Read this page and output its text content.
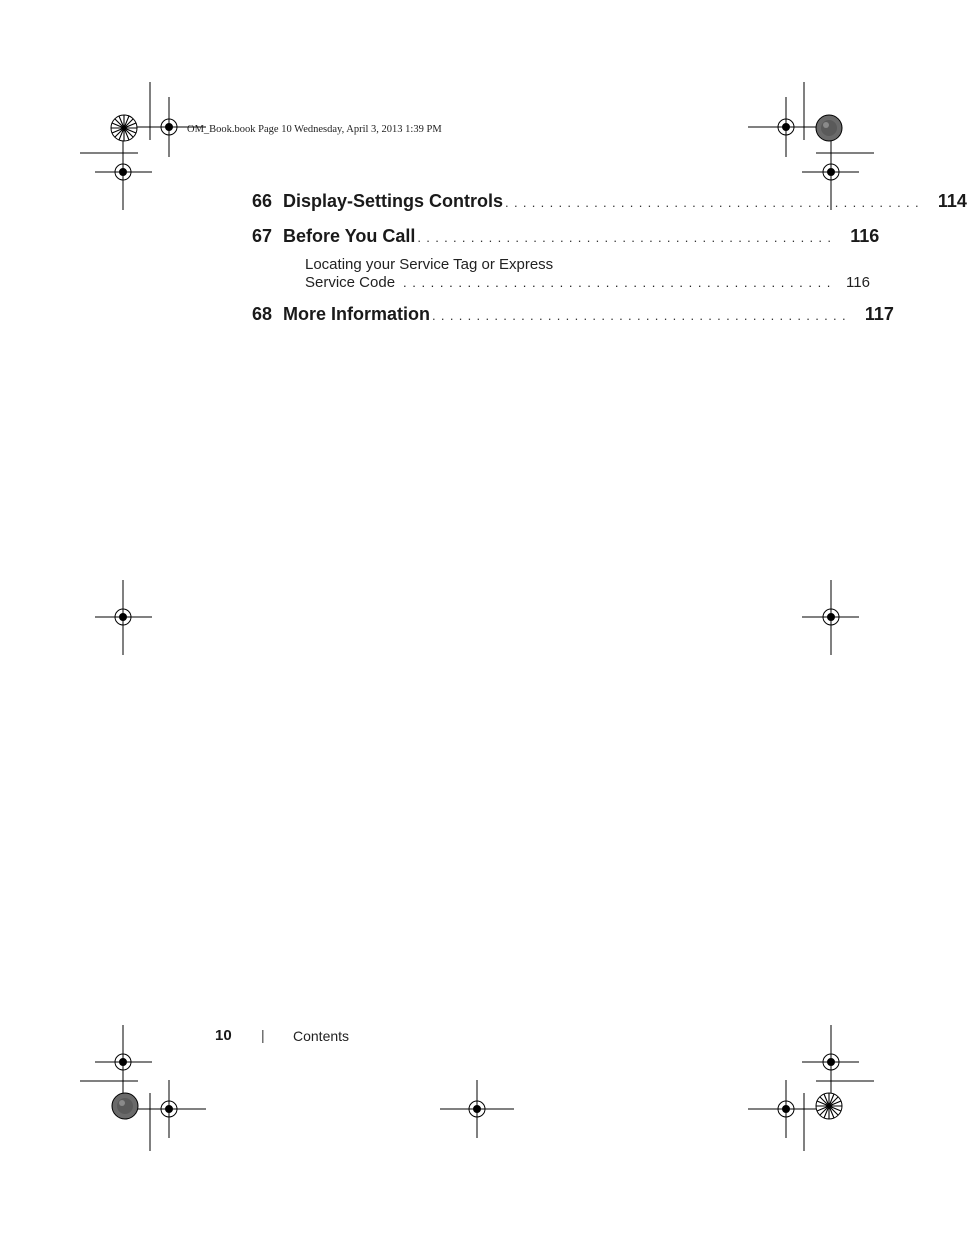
OM_Book.book Page 10 Wednesday, April 3, 2013 1:39 PM
66 Display-Settings Controls ............................................... 114
67 Before You Call ............................................... 116
Locating your Service Tag or Express
Service Code ............................................... 116
68 More Information ............................................... 117
10 | Contents
